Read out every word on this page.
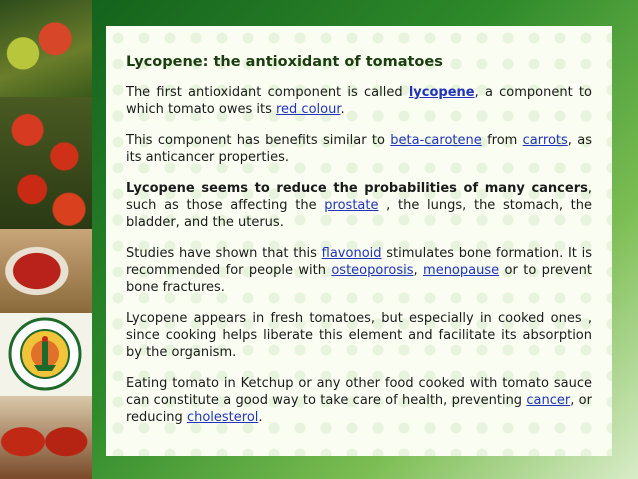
Lycopene: the antioxidant of tomatoes

The first antioxidant component is called lycopene, a component to which tomato owes its red colour.

This component has benefits similar to beta-carotene from carrots, as its anticancer properties.

Lycopene seems to reduce the probabilities of many cancers, such as those affecting the prostate , the lungs, the stomach, the bladder, and the uterus.

Studies have shown that this flavonoid stimulates bone formation. It is recommended for people with osteoporosis, menopause or to prevent bone fractures.

Lycopene appears in fresh tomatoes, but especially in cooked ones , since cooking helps liberate this element and facilitate its absorption by the organism.

Eating tomato in Ketchup or any other food cooked with tomato sauce can constitute a good way to take care of health, preventing cancer, or reducing cholesterol.
